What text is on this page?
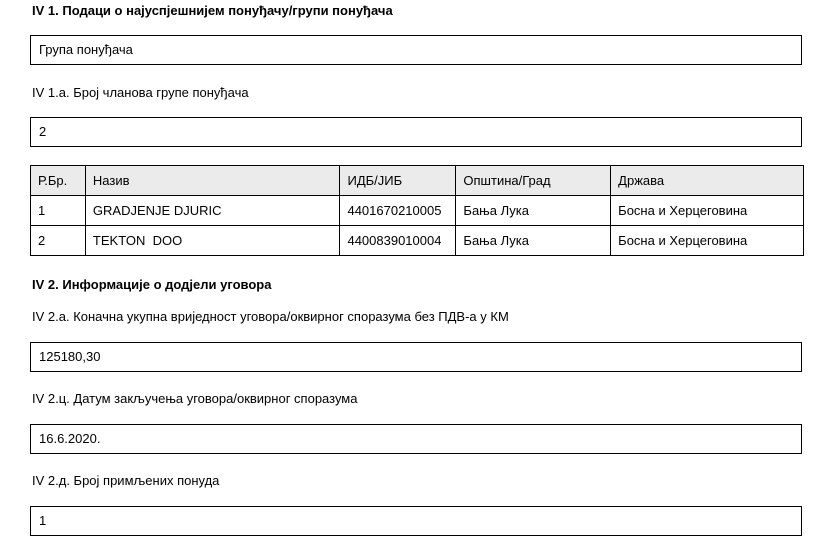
IV 1. Подаци о најуспјешнијем понуђачу/групи понуђача
Група понуђача
IV 1.а. Број чланова групе понуђача
2
Р.Бр.	Назив	ИДБ/ЈИБ	Општина/Град	Држава
1	GRADJENJE DJURIC	4401670210005	Бања Лука	Босна и Херцеговина
2	TEKTON  DOO	4400839010004	Бања Лука	Босна и Херцеговина
IV 2. Информације о додјели уговора
IV 2.а. Коначна укупна вриједност уговора/оквирног споразума без ПДВ-а у КМ
125180,30
IV 2.ц. Датум закључења уговора/оквирног споразума
16.6.2020.
IV 2.д. Број примљених понуда
1
